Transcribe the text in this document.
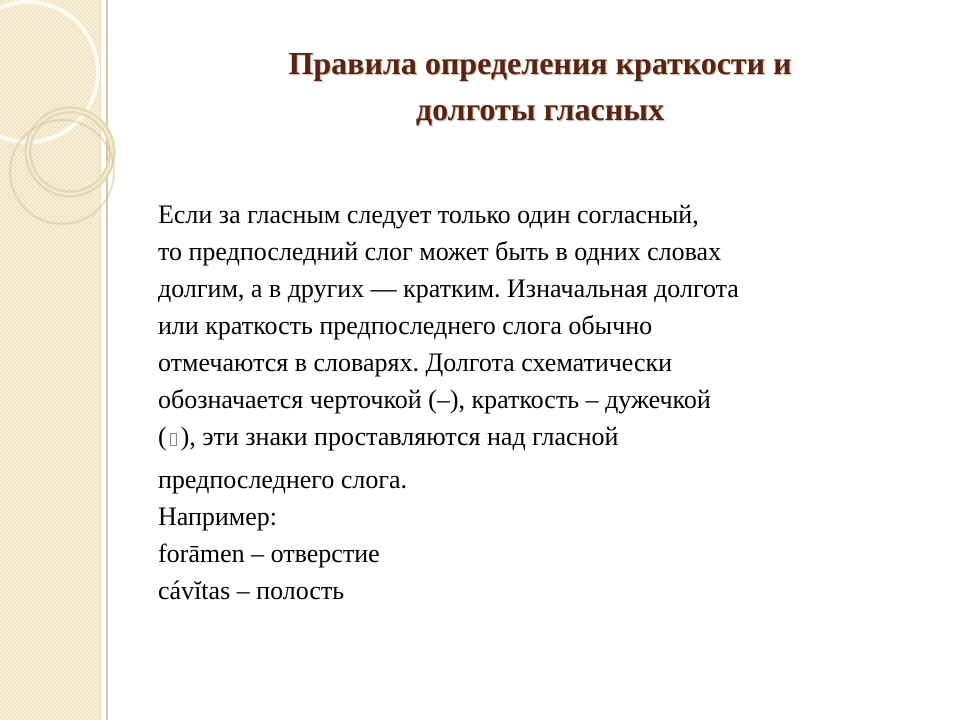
Правила определения краткости и
долготы гласных
Если за гласным следует только один согласный,
то предпоследний слог может быть в одних словах
долгим, а в других — кратким. Изначальная долгота
или краткость предпоследнего слога обычно
отмечаются в словарях. Долгота схематически
обозначается черточкой (–), краткость – дужечкой
( ), эти знаки проставляются над гласной
предпоследнего слога.
Например:
forāmen – отверстие
cávĭtas – полость
